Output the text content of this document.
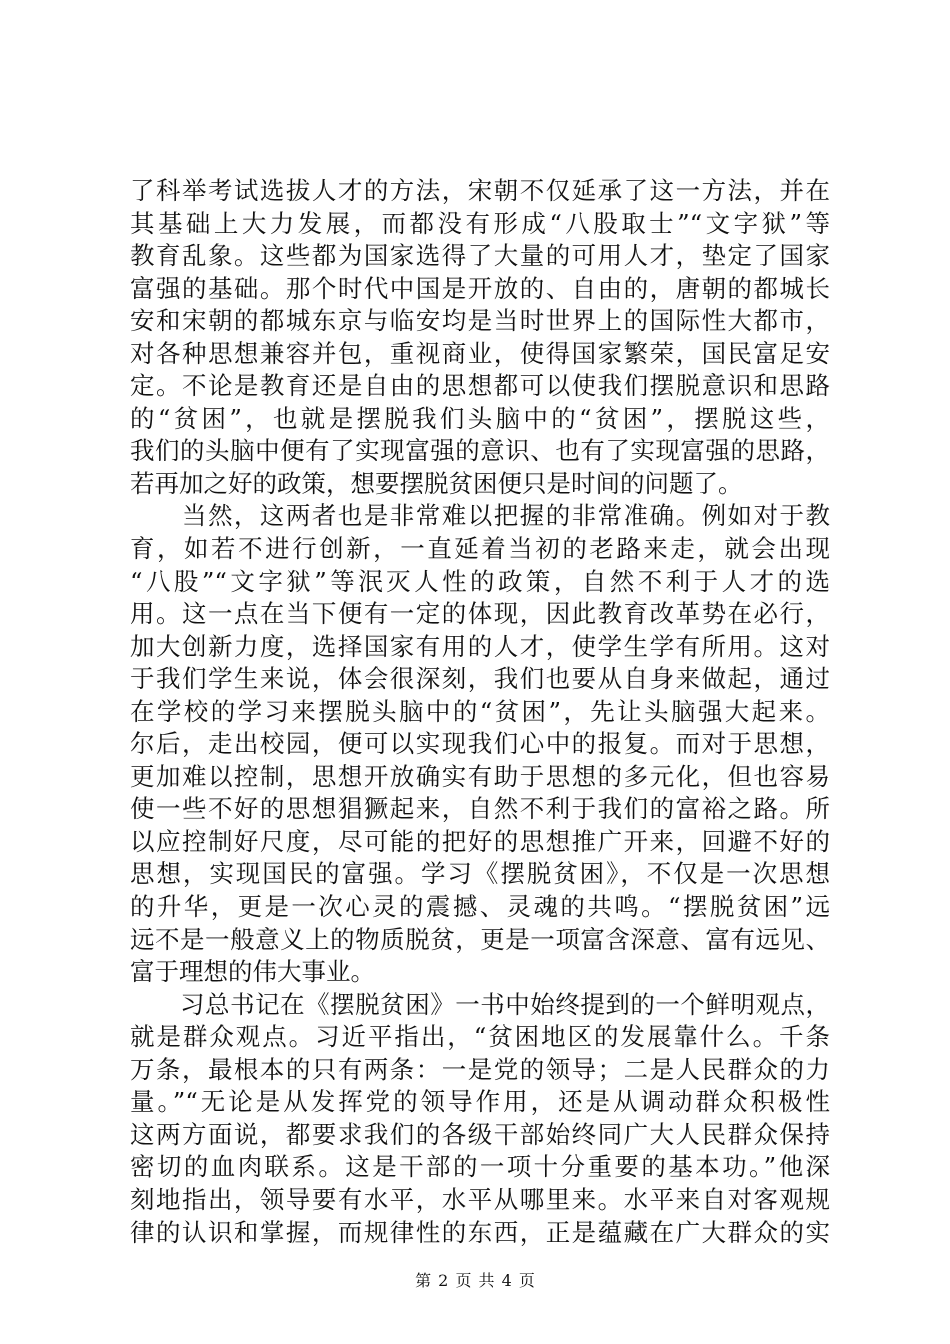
了科举考试选拔人才的方法，宋朝不仅延承了这一方法，并在
其基础上大力发展，而都没有形成“八股取士”“文字狱”等
教育乱象。这些都为国家选得了大量的可用人才，垫定了国家
富强的基础。那个时代中国是开放的、自由的，唐朝的都城长
安和宋朝的都城东京与临安均是当时世界上的国际性大都市，
对各种思想兼容并包，重视商业，使得国家繁荣，国民富足安
定。不论是教育还是自由的思想都可以使我们摆脱意识和思路
的“贫困”，也就是摆脱我们头脑中的“贫困”，摆脱这些，
我们的头脑中便有了实现富强的意识、也有了实现富强的思路，
若再加之好的政策，想要摆脱贫困便只是时间的问题了。
　　当然，这两者也是非常难以把握的非常准确。例如对于教
育，如若不进行创新，一直延着当初的老路来走，就会出现
“八股”“文字狱”等泯灭人性的政策，自然不利于人才的选
用。这一点在当下便有一定的体现，因此教育改革势在必行，
加大创新力度，选择国家有用的人才，使学生学有所用。这对
于我们学生来说，体会很深刻，我们也要从自身来做起，通过
在学校的学习来摆脱头脑中的“贫困”，先让头脑强大起来。
尔后，走出校园，便可以实现我们心中的报复。而对于思想，
更加难以控制，思想开放确实有助于思想的多元化，但也容易
使一些不好的思想猖獗起来，自然不利于我们的富裕之路。所
以应控制好尺度，尽可能的把好的思想推广开来，回避不好的
思想，实现国民的富强。学习《摆脱贫困》，不仅是一次思想
的升华，更是一次心灵的震撼、灵魂的共鸣。“摆脱贫困”远
远不是一般意义上的物质脱贫，更是一项富含深意、富有远见、
富于理想的伟大事业。
　　习总书记在《摆脱贫困》一书中始终提到的一个鲜明观点，
就是群众观点。习近平指出，“贫困地区的发展靠什么。千条
万条，最根本的只有两条：一是党的领导；二是人民群众的力
量。”“无论是从发挥党的领导作用，还是从调动群众积极性
这两方面说，都要求我们的各级干部始终同广大人民群众保持
密切的血肉联系。这是干部的一项十分重要的基本功。”他深
刻地指出，领导要有水平，水平从哪里来。水平来自对客观规
律的认识和掌握，而规律性的东西，正是蕴藏在广大群众的实
第 2 页 共 4 页
